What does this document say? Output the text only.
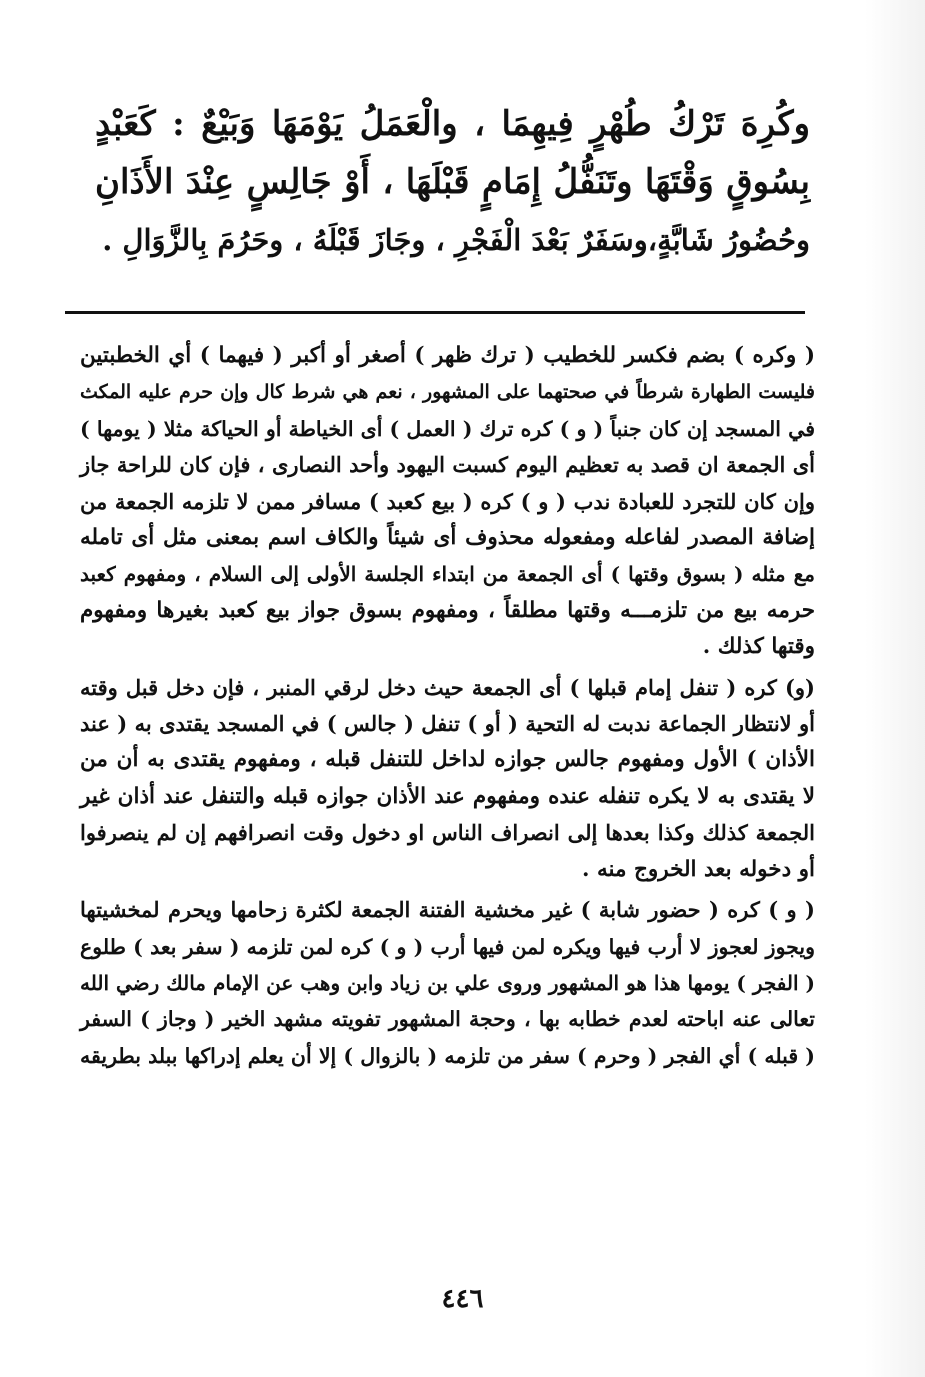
وكُرِهَ تَرْكُ طُهْرٍ فِيهِمَا ، والْعَمَلُ يَوْمَهَا وَبَيْعٌ : كَعَبْدٍ
بِسُوقٍ وَقْتَهَا وتَنَفُّلُ إِمَامٍ قَبْلَهَا ، أَوْ جَالِسٍ عِنْدَ الأَذَانِ
وحُضُورُ شَابَّةٍ،وسَفَرٌ بَعْدَ الْفَجْرِ ، وجَازَ قَبْلَهُ ، وحَرُمَ بِالزَّوَالِ .
( وكره ) بضم فكسر للخطيب ( ترك ظهر ) أصغر أو أكبر ( فيهما ) أي الخطبتين
فليست الطهارة شرطاً في صحتهما على المشهور ، نعم هي شرط كال وإن حرم عليه المكث
في المسجد إن كان جنباً ( و ) كره ترك ( العمل ) أى الخياطة أو الحياكة مثلا ( يومها )
أى الجمعة ان قصد به تعظيم اليوم كسبت اليهود وأحد النصارى ، فإن كان للراحة جاز
وإن كان للتجرد للعبادة ندب ( و ) كره ( بيع كعبد ) مسافر ممن لا تلزمه الجمعة من
إضافة المصدر لفاعله ومفعوله محذوف أى شيئاً والكاف اسم بمعنى مثل أى تامله
مع مثله ( بسوق وقتها ) أى الجمعة من ابتداء الجلسة الأولى إلى السلام ، ومفهوم كعبد
حرمه بيع من تلزمـــه وقتها مطلقاً ، ومفهوم بسوق جواز بيع كعبد بغيرها ومفهوم
وقتها كذلك .
(و) كره ( تنفل إمام قبلها ) أى الجمعة حيث دخل لرقي المنبر ، فإن دخل قبل وقته
أو لانتظار الجماعة ندبت له التحية ( أو ) تنفل ( جالس ) في المسجد يقتدى به ( عند
الأذان ) الأول ومفهوم جالس جوازه لداخل للتنفل قبله ، ومفهوم يقتدى به أن من
لا يقتدى به لا يكره تنفله عنده ومفهوم عند الأذان جوازه قبله والتنفل عند أذان غير
الجمعة كذلك وكذا بعدها إلى انصراف الناس او دخول وقت انصرافهم إن لم ينصرفوا
أو دخوله بعد الخروج منه .
( و ) كره ( حضور شابة ) غير مخشية الفتنة الجمعة لكثرة زحامها ويحرم لمخشيتها
ويجوز لعجوز لا أرب فيها ويكره لمن فيها أرب ( و ) كره لمن تلزمه ( سفر بعد ) طلوع
( الفجر ) يومها هذا هو المشهور وروى علي بن زياد وابن وهب عن الإمام مالك رضي الله
تعالى عنه اباحته لعدم خطابه بها ، وحجة المشهور تفويته مشهد الخير ( وجاز ) السفر
( قبله ) أي الفجر ( وحرم ) سفر من تلزمه ( بالزوال ) إلا أن يعلم إدراكها ببلد بطريقه
٤٤٦
